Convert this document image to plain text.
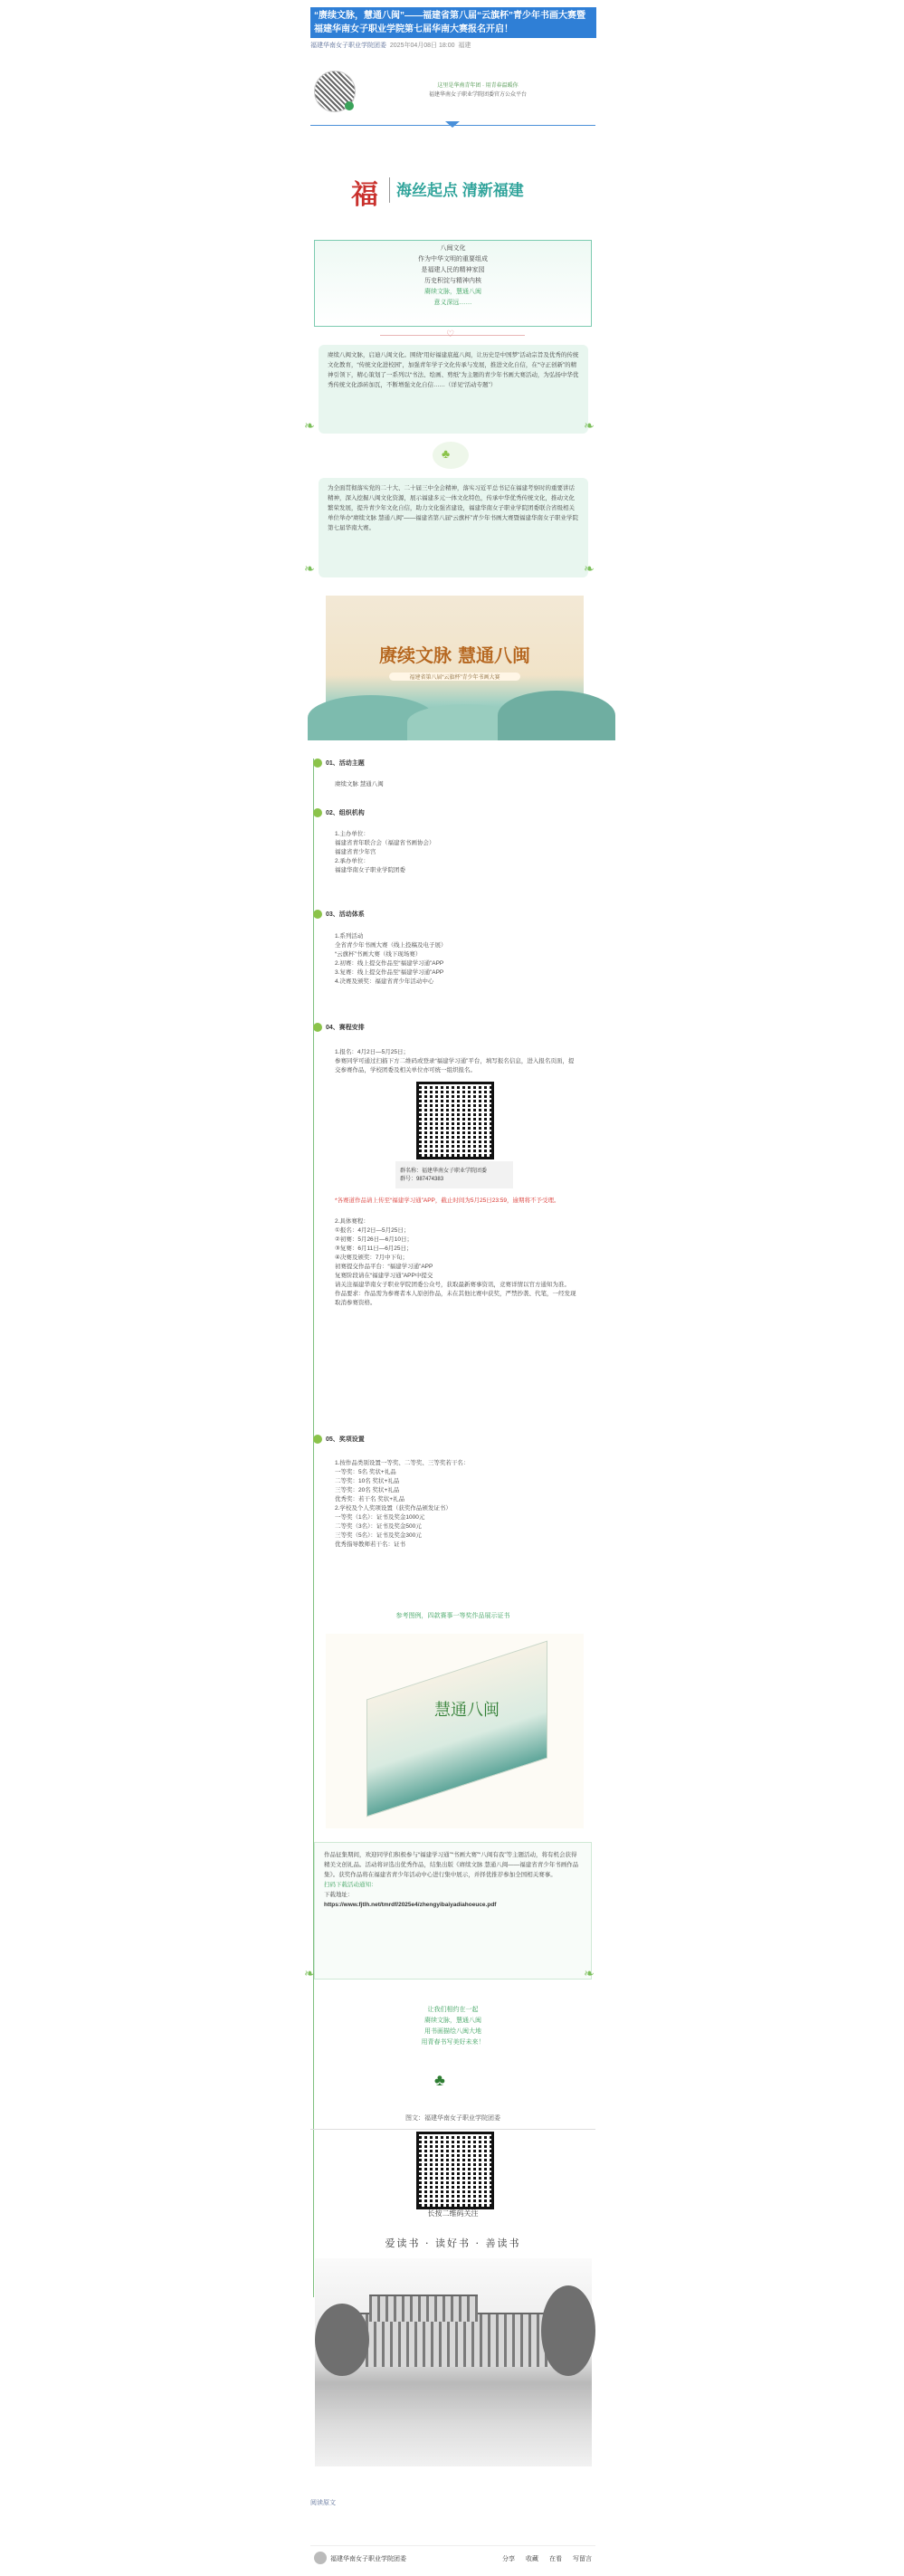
“赓续文脉，慧通八闽”——福建省第八届“云旗杯”青少年书画大赛暨福建华南女子职业学院第七届华南大赛报名开启！
福建华南女子职业学院团委 2025年04月08日 18:00 福建
这里是华南青年团 · 用青春温暖你
福建华南女子职业学院团委官方公众平台
福 海丝起点 清新福建
八闽文化
作为中华文明的重要组成
是福建人民的精神家园
历史积淀与精神内核
赓续文脉，慧通八闽
意义深远……
♡
赓续八闽文脉，启迪八闽文化。围绕“用好福建底蕴八闽，让历史是中国梦”活动宗旨及优秀的传统文化教育，“传统文化进校园”，加强青年学子文化传承与发展，推进文化自信，在“守正创新”的精神引领下，精心策划了一系列以“书法、绘画、剪纸”为主题的青少年书画大赛活动，为弘扬中华优秀传统文化添砖加瓦，不断增强文化自信……（详见“活动专题”）
❧	❧
♣
为全面贯彻落实党的二十大、二十届三中全会精神，落实习近平总书记在福建考察时的重要讲话精神，深入挖掘八闽文化资源，展示福建多元一体文化特色，传承中华优秀传统文化，推动文化繁荣发展，提升青少年文化自信，助力文化强省建设，福建华南女子职业学院团委联合省级相关单位举办“赓续文脉 慧通八闽”——福建省第八届“云旗杯”青少年书画大赛暨福建华南女子职业学院第七届华南大赛。
❧	❧
赓续文脉 慧通八闽
福建省第八届“云旗杯”青少年书画大赛
01、活动主题
赓续文脉 慧通八闽
02、组织机构
1.主办单位：
福建省青年联合会（福建省书画协会）
福建省青少年宫
2.承办单位：
福建华南女子职业学院团委
03、活动体系
1.系列活动
全省青少年书画大赛（线上投稿及电子展）
“云旗杯”书画大赛（线下现场赛）
2.初赛：线上提交作品至“福建学习通”APP
3.复赛：线上提交作品至“福建学习通”APP
4.决赛及颁奖：福建省青少年活动中心
04、赛程安排
1.报名：4月2日—5月25日；
参赛同学可通过扫描下方二维码或登录“福建学习通”平台，填写报名信息，进入报名页面，提交参赛作品，学校团委及相关单位亦可统一组织报名。
群名称：福建华南女子职业学院团委
群号：987474383
*各赛道作品请上传至“福建学习通”APP，截止时间为5月25日23:59，逾期将不予受理。
2.具体赛程：
①报名：4月2日—5月25日；
②初赛：5月26日—6月10日；
③复赛：6月11日—6月25日；
④决赛及颁奖：7月中下旬；
初赛提交作品平台：“福建学习通”APP
复赛阶段请在“福建学习通”APP中提交
请关注福建华南女子职业学院团委公众号，获取最新赛事资讯，竞赛详情以官方通知为准。
作品要求：作品需为参赛者本人原创作品，未在其他比赛中获奖，严禁抄袭、代笔，一经发现取消参赛资格。
05、奖项设置
1.按作品类别设置一等奖、二等奖、三等奖若干名：
一等奖：5名 奖状+礼品
二等奖：10名 奖状+礼品
三等奖：20名 奖状+礼品
优秀奖：若干名 奖状+礼品
2.学校及个人奖项设置（获奖作品颁发证书）
一等奖（1名）：证书及奖金1000元
二等奖（3名）：证书及奖金500元
三等奖（5名）：证书及奖金300元
优秀指导教师若干名：证书
参考图例，四款赛事一等奖作品展示证书
慧通八闽
作品征集期间，欢迎同学们积极参与“福建学习通”“书画大赛”“八闽有我”等主题活动，将有机会获得精美文创礼品。活动将评选出优秀作品，结集出版《赓续文脉 慧通八闽——福建省青少年书画作品集》。获奖作品将在福建省青少年活动中心进行集中展示，并择优推荐参加全国相关赛事。
扫码下载活动通知：
下载地址：
https://www.fjtlh.net/tmrdf/2025e4/zhengyibaiyadiahoeuce.pdf
❧	❧
让我们相约在一起
赓续文脉，慧通八闽
用书画描绘八闽大地
用青春书写美好未来！
♣
图文：福建华南女子职业学院团委
长按二维码关注
爱读书 · 读好书 · 善读书
阅读原文
福建华南女子职业学院团委	分享 收藏 在看 写留言
